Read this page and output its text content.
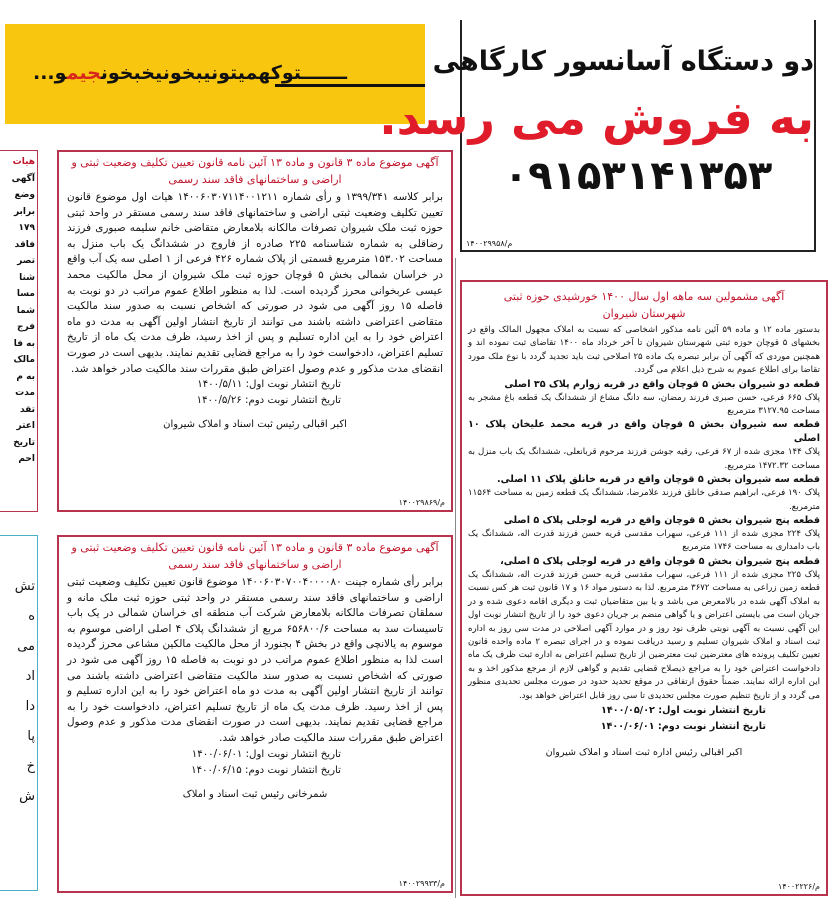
ـــــــتوکهمیتونیبخونیخبخونجیمو...	دو دستگاه آسانسور کارگاهی
به فروش می رسد.
۰۹۱۵۳۱۴۱۳۵۳
م/۱۴۰۰۲۹۹۵۸
هیات
آگهی
وضع
برابر
۱۷۹
فاقد
تصر
شنا
مسا
شما
فرج
به فا
مالک
به م
مدت
تقد
اعتر
تاریخ
احم
تش
ه
می
اد
دا
پا
خ
ش
آگهی موضوع ماده ۳ قانون و ماده ۱۳ آئین نامه قانون تعیین تکلیف وضعیت ثبتی و اراضی و ساختمانهای فاقد سند رسمی
برابر کلاسه ۱۳۹۹/۳۴۱ و رأی شماره ۱۴۰۰۶۰۳۰۷۱۱۴۰۰۱۲۱۱ هیات اول موضوع قانون تعیین تکلیف وضعیت ثبتی اراضی و ساختمانهای فاقد سند رسمی مستقر در واحد ثبتی حوزه ثبت ملک شیروان تصرفات مالکانه بلامعارض متقاضی خانم سلیمه صبوری فرزند رضاقلی به شماره شناسنامه ۲۲۵ صادره از فاروج در ششدانگ یک باب منزل به مساحت ۱۵۳.۰۲ مترمربع قسمتی از پلاک شماره ۴۲۶ فرعی از ۱ اصلی سه یک آب واقع در خراسان شمالی بخش ۵ قوچان حوزه ثبت ملک شیروان از محل مالکیت محمد عیسی عربخوانی محرز گردیده است. لذا به منظور اطلاع عموم مراتب در دو نوبت به فاصله ۱۵ روز آگهی می شود در صورتی که اشخاص نسبت به صدور سند مالکیت متقاضی اعتراضی داشته باشند می توانند از تاریخ انتشار اولین آگهی به مدت دو ماه اعتراض خود را به این اداره تسلیم و پس از اخذ رسید، ظرف مدت یک ماه از تاریخ تسلیم اعتراض، دادخواست خود را به مراجع قضایی تقدیم نمایند. بدیهی است در صورت انقضای مدت مذکور و عدم وصول اعتراض طبق مقررات سند مالکیت صادر خواهد شد.
تاریخ انتشار نوبت اول: ۱۴۰۰/۵/۱۱
تاریخ انتشار نوبت دوم: ۱۴۰۰/۵/۲۶
اکبر اقبالی رئیس ثبت اسناد و املاک شیروان
م/۱۴۰۰۲۹۸۶۹
آگهی موضوع ماده ۳ قانون و ماده ۱۳ آئین نامه قانون تعیین تکلیف وضعیت ثبتی و اراضی و ساختمانهای فاقد سند رسمی
برابر رأی شماره جینت ۱۴۰۰۶۰۳۰۷۰۰۴۰۰۰۰۸۰ موضوع قانون تعیین تکلیف وضعیت ثبتی اراضی و ساختمانهای فاقد سند رسمی مستقر در واحد ثبتی حوزه ثبت ملک مانه و سملقان تصرفات مالکانه بلامعارض شرکت آب منطقه ای خراسان شمالی در یک باب تاسیسات سد به مساحت ۶۵۶۸۰۰/۶ مربع از ششدانگ پلاک ۴ اصلی اراضی موسوم به موسوم به یالانچی واقع در بخش ۴ بجنورد از محل مالکیت مالکین مشاعی محرز گردیده است لذا به منظور اطلاع عموم مراتب در دو نوبت به فاصله ۱۵ روز آگهی می شود در صورتی که اشخاص نسبت به صدور سند مالکیت متقاضی اعتراضی داشته باشند می توانند از تاریخ انتشار اولین آگهی به مدت دو ماه اعتراض خود را به این اداره تسلیم و پس از اخذ رسید. ظرف مدت یک ماه از تاریخ تسلیم اعتراض، دادخواست خود را به مراجع قضایی تقدیم نمایند. بدیهی است در صورت انقضای مدت مذکور و عدم وصول اعتراض طبق مقررات سند مالکیت صادر خواهد شد.
تاریخ انتشار نوبت اول: ۱۴۰۰/۰۶/۰۱
تاریخ انتشار نوبت دوم: ۱۴۰۰/۰۶/۱۵
شمرخانی رئیس ثبت اسناد و املاک
م/۱۴۰۰۲۹۹۳۳
آگهی مشمولین سه ماهه اول سال ۱۴۰۰ خورشیدی حوزه ثبتی شهرستان شیروان
بدستور ماده ۱۲ و ماده ۵۹ آئین نامه مذکور اشخاصی که نسبت به املاک مجهول المالک واقع در بخشهای ۵ قوچان حوزه ثبتی شهرستان شیروان تا آخر خرداد ماه ۱۴۰۰ تقاضای ثبت نموده اند و همچنین موردی که آگهی آن برابر تبصره یک ماده ۲۵ اصلاحی ثبت باید تجدید گردد با نوع ملک مورد تقاضا برای اطلاع عموم به شرح ذیل اعلام می گردد.
قطعه دو شیروان بخش ۵ قوچان واقع در قریه زوارم پلاک ۳۵ اصلی
پلاک ۶۶۵ فرعی، حسن صبری فرزند رمضان، سه دانگ مشاع از ششدانگ یک قطعه باغ مشجر به مساحت ۳۱۲۷.۹۵ مترمربع
قطعه سه شیروان بخش ۵ قوچان واقع در قریه محمد علیخان پلاک ۱۰ اصلی
پلاک ۱۴۴ مجزی شده از ۶۷ فرعی، رقیه جوشن فرزند مرحوم قربانعلی، ششدانگ یک باب منزل به مساحت ۱۴۷۲.۳۲ مترمربع.
قطعه سه شیروان بخش ۵ قوچان واقع در قریه خانلق پلاک ۱۱ اصلی.
پلاک ۱۹۰ فرعی، ابراهیم صدقی خانلق فرزند علامرضا، ششدانگ یک قطعه زمین به مساحت ۱۱۵۶۴ مترمربع.
قطعه پنج شیروان بخش ۵ قوچان واقع در قریه لوجلی پلاک ۵ اصلی
پلاک ۲۲۴ مجزی شده از ۱۱۱ فرعی، سهراب مقدسی قریه حسن فرزند قدرت اله، ششدانگ یک باب دامداری به مساحت ۱۷۴۶ مترمربع
قطعه پنج شیروان بخش ۵ قوچان واقع در قریه لوجلی پلاک ۵ اصلی،
پلاک ۲۲۵ مجزی شده از ۱۱۱ فرعی، سهراب مقدسی قریه حسن فرزند قدرت اله، ششدانگ یک قطعه زمین زراعی به مساحت ۳۶۷۲ مترمربع. لذا به دستور مواد ۱۶ و ۱۷ قانون ثبت هر کس نسبت به املاک آگهی شده در بالامعرض می باشد و یا بین متقاضیان ثبت و دیگری اقامه دعوی شده و در جریان است می بایستی اعتراض و یا گواهی منضم بر جریان دعوی خود را از تاریخ انتشار نوبت اول این آگهی نسبت به آگهی نوبتی ظرف نود روز و در موارد آگهی اصلاحی در مدت سی روز به اداره ثبت اسناد و املاک شیروان تسلیم و رسید دریافت نموده و در اجرای تبصره ۲ ماده واحده قانون تعیین تکلیف پرونده های معترضین ثبت معترضین از تاریخ تسلیم اعتراض به اداره ثبت ظرف یک ماه دادخواست اعتراض خود را به مراجع ذیصلاح قضایی تقدیم و گواهی لازم از مرجع مذکور اخذ و به این اداره ارائه نمایند. ضمناً حقوق ارتفاقی در موقع تحدید حدود در صورت مجلس تحدیدی منظور می گردد و از تاریخ تنظیم صورت مجلس تحدیدی تا سی روز قابل اعتراض خواهد بود.
تاریخ انتشار نوبت اول: ۱۴۰۰/۰۵/۰۲
تاریخ انتشار نوبت دوم: ۱۴۰۰/۰۶/۰۱
اکبر اقبالی رئیس اداره ثبت اسناد و املاک شیروان
م/۱۴۰۰۲۲۲۶
